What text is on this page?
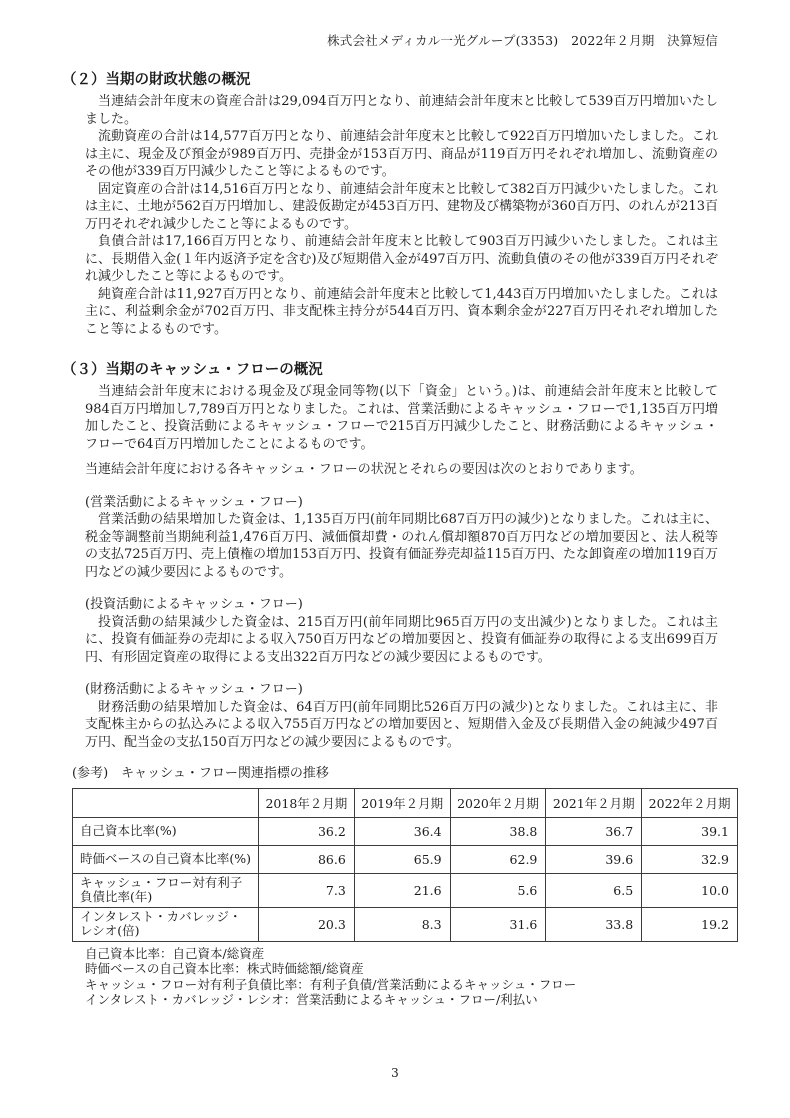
株式会社メディカル一光グループ(3353)　2022年２月期　決算短信
（２）当期の財政状態の概況

当連結会計年度末の資産合計は29,094百万円となり、前連結会計年度末と比較して539百万円増加いたしました。

流動資産の合計は14,577百万円となり、前連結会計年度末と比較して922百万円増加いたしました。これは主に、現金及び預金が989百万円、売掛金が153百万円、商品が119百万円それぞれ増加し、流動資産のその他が339百万円減少したこと等によるものです。

固定資産の合計は14,516百万円となり、前連結会計年度末と比較して382百万円減少いたしました。これは主に、土地が562百万円増加し、建設仮勘定が453百万円、建物及び構築物が360百万円、のれんが213百万円それぞれ減少したこと等によるものです。

負債合計は17,166百万円となり、前連結会計年度末と比較して903百万円減少いたしました。これは主に、長期借入金(１年内返済予定を含む)及び短期借入金が497百万円、流動負債のその他が339百万円それぞれ減少したこと等によるものです。

純資産合計は11,927百万円となり、前連結会計年度末と比較して1,443百万円増加いたしました。これは主に、利益剰余金が702百万円、非支配株主持分が544百万円、資本剰余金が227百万円それぞれ増加したこと等によるものです。

（３）当期のキャッシュ・フローの概況

当連結会計年度末における現金及び現金同等物(以下「資金」という。)は、前連結会計年度末と比較して984百万円増加し7,789百万円となりました。これは、営業活動によるキャッシュ・フローで1,135百万円増加したこと、投資活動によるキャッシュ・フローで215百万円減少したこと、財務活動によるキャッシュ・フローで64百万円増加したことによるものです。

当連結会計年度における各キャッシュ・フローの状況とそれらの要因は次のとおりであります。

(営業活動によるキャッシュ・フロー)

営業活動の結果増加した資金は、1,135百万円(前年同期比687百万円の減少)となりました。これは主に、税金等調整前当期純利益1,476百万円、減価償却費・のれん償却額870百万円などの増加要因と、法人税等の支払725百万円、売上債権の増加153百万円、投資有価証券売却益115百万円、たな卸資産の増加119百万円などの減少要因によるものです。

(投資活動によるキャッシュ・フロー)

投資活動の結果減少した資金は、215百万円(前年同期比965百万円の支出減少)となりました。これは主に、投資有価証券の売却による収入750百万円などの増加要因と、投資有価証券の取得による支出699百万円、有形固定資産の取得による支出322百万円などの減少要因によるものです。

(財務活動によるキャッシュ・フロー)

財務活動の結果増加した資金は、64百万円(前年同期比526百万円の減少)となりました。これは主に、非支配株主からの払込みによる収入755百万円などの増加要因と、短期借入金及び長期借入金の純減少497百万円、配当金の支払150百万円などの減少要因によるものです。

(参考)　キャッシュ・フロー関連指標の推移
	2018年２月期	2019年２月期	2020年２月期	2021年２月期	2022年２月期
自己資本比率(%)	36.2	36.4	38.8	36.7	39.1
時価ベースの自己資本比率(%)	86.6	65.9	62.9	39.6	32.9
キャッシュ・フロー対有利子負債比率(年)	7.3	21.6	5.6	6.5	10.0
インタレスト・カバレッジ・レシオ(倍)	20.3	8.3	31.6	33.8	19.2

自己資本比率：自己資本/総資産

時価ベースの自己資本比率：株式時価総額/総資産

キャッシュ・フロー対有利子負債比率：有利子負債/営業活動によるキャッシュ・フロー

インタレスト・カバレッジ・レシオ：営業活動によるキャッシュ・フロー/利払い

3
